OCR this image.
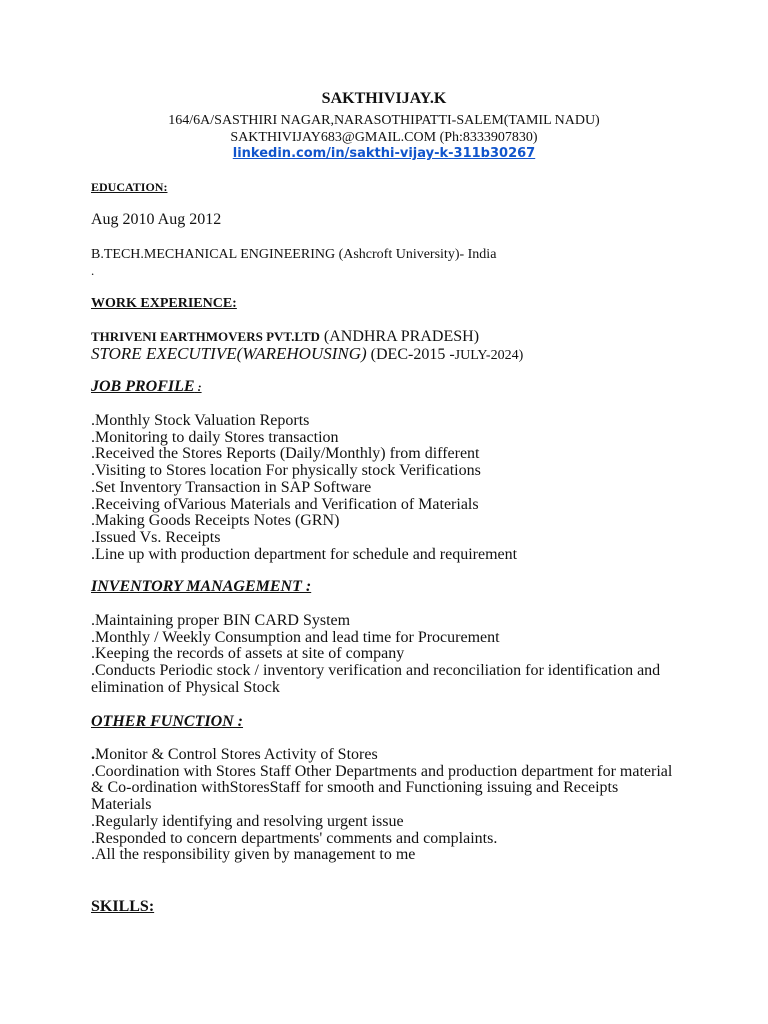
SAKTHIVIJAY.K
164/6A/SASTHIRI NAGAR,NARASOTHIPATTI-SALEM(TAMIL NADU)
SAKTHIVIJAY683@GMAIL.COM (Ph:8333907830)
linkedin.com/in/sakthi-vijay-k-311b30267
EDUCATION:
Aug 2010 Aug 2012
B.TECH.MECHANICAL ENGINEERING (Ashcroft University)- India
.
WORK EXPERIENCE:
THRIVENI EARTHMOVERS PVT.LTD (ANDHRA PRADESH)
STORE EXECUTIVE(WAREHOUSING) (DEC-2015 -JULY-2024)
JOB PROFILE :
.Monthly Stock Valuation Reports
.Monitoring to daily Stores transaction
.Received the Stores Reports (Daily/Monthly) from different
.Visiting to Stores location For physically stock Verifications
.Set Inventory Transaction in SAP Software
.Receiving ofVarious Materials and Verification of Materials
.Making Goods Receipts Notes (GRN)
.Issued Vs. Receipts
.Line up with production department for schedule and requirement
INVENTORY MANAGEMENT :
.Maintaining proper BIN CARD System
.Monthly / Weekly Consumption and lead time for Procurement
.Keeping the records of assets at site of company
.Conducts Periodic stock / inventory verification and reconciliation for identification and elimination of Physical Stock
OTHER FUNCTION :
.Monitor & Control Stores Activity of Stores
.Coordination with Stores Staff Other Departments and production department for material & Co-ordination withStoresStaff for smooth and Functioning issuing and Receipts Materials
.Regularly identifying and resolving urgent issue
.Responded to concern departments' comments and complaints.
.All the responsibility given by management to me
SKILLS:
